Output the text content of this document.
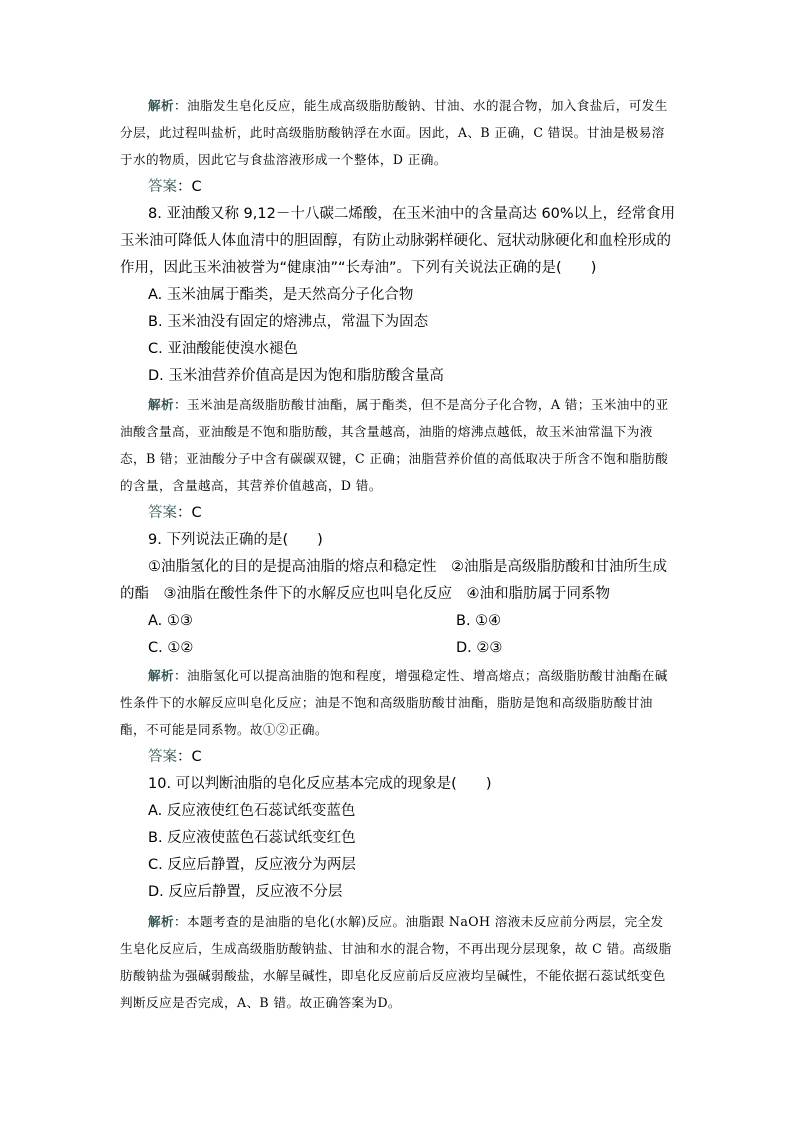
解析：油脂发生皂化反应，能生成高级脂肪酸钠、甘油、水的混合物，加入食盐后，可发生分层，此过程叫盐析，此时高级脂肪酸钠浮在水面。因此，A、B 正确，C 错误。甘油是极易溶于水的物质，因此它与食盐溶液形成一个整体，D 正确。
答案：C
8. 亚油酸又称 9,12－十八碳二烯酸，在玉米油中的含量高达 60%以上，经常食用玉米油可降低人体血清中的胆固醇，有防止动脉粥样硬化、冠状动脉硬化和血栓形成的作用，因此玉米油被誉为“健康油”“长寿油”。下列有关说法正确的是(　　)
A. 玉米油属于酯类，是天然高分子化合物
B. 玉米油没有固定的熔沸点，常温下为固态
C. 亚油酸能使溴水褪色
D. 玉米油营养价值高是因为饱和脂肪酸含量高
解析：玉米油是高级脂肪酸甘油酯，属于酯类，但不是高分子化合物，A 错；玉米油中的亚油酸含量高，亚油酸是不饱和脂肪酸，其含量越高，油脂的熔沸点越低，故玉米油常温下为液态，B 错；亚油酸分子中含有碳碳双键，C 正确；油脂营养价值的高低取决于所含不饱和脂肪酸的含量，含量越高，其营养价值越高，D 错。
答案：C
9. 下列说法正确的是(　　)
①油脂氢化的目的是提高油脂的熔点和稳定性　②油脂是高级脂肪酸和甘油所生成的酯　③油脂在酸性条件下的水解反应也叫皂化反应　④油和脂肪属于同系物
A. ①③	B. ①④
C. ①②	D. ②③
解析：油脂氢化可以提高油脂的饱和程度，增强稳定性、增高熔点；高级脂肪酸甘油酯在碱性条件下的水解反应叫皂化反应；油是不饱和高级脂肪酸甘油酯，脂肪是饱和高级脂肪酸甘油酯，不可能是同系物。故①②正确。
答案：C
10. 可以判断油脂的皂化反应基本完成的现象是(　　)
A. 反应液使红色石蕊试纸变蓝色
B. 反应液使蓝色石蕊试纸变红色
C. 反应后静置，反应液分为两层
D. 反应后静置，反应液不分层
解析：本题考查的是油脂的皂化(水解)反应。油脂跟 NaOH 溶液未反应前分两层，完全发生皂化反应后，生成高级脂肪酸钠盐、甘油和水的混合物，不再出现分层现象，故 C 错。高级脂肪酸钠盐为强碱弱酸盐，水解呈碱性，即皂化反应前后反应液均呈碱性，不能依据石蕊试纸变色判断反应是否完成，A、B 错。故正确答案为D。
